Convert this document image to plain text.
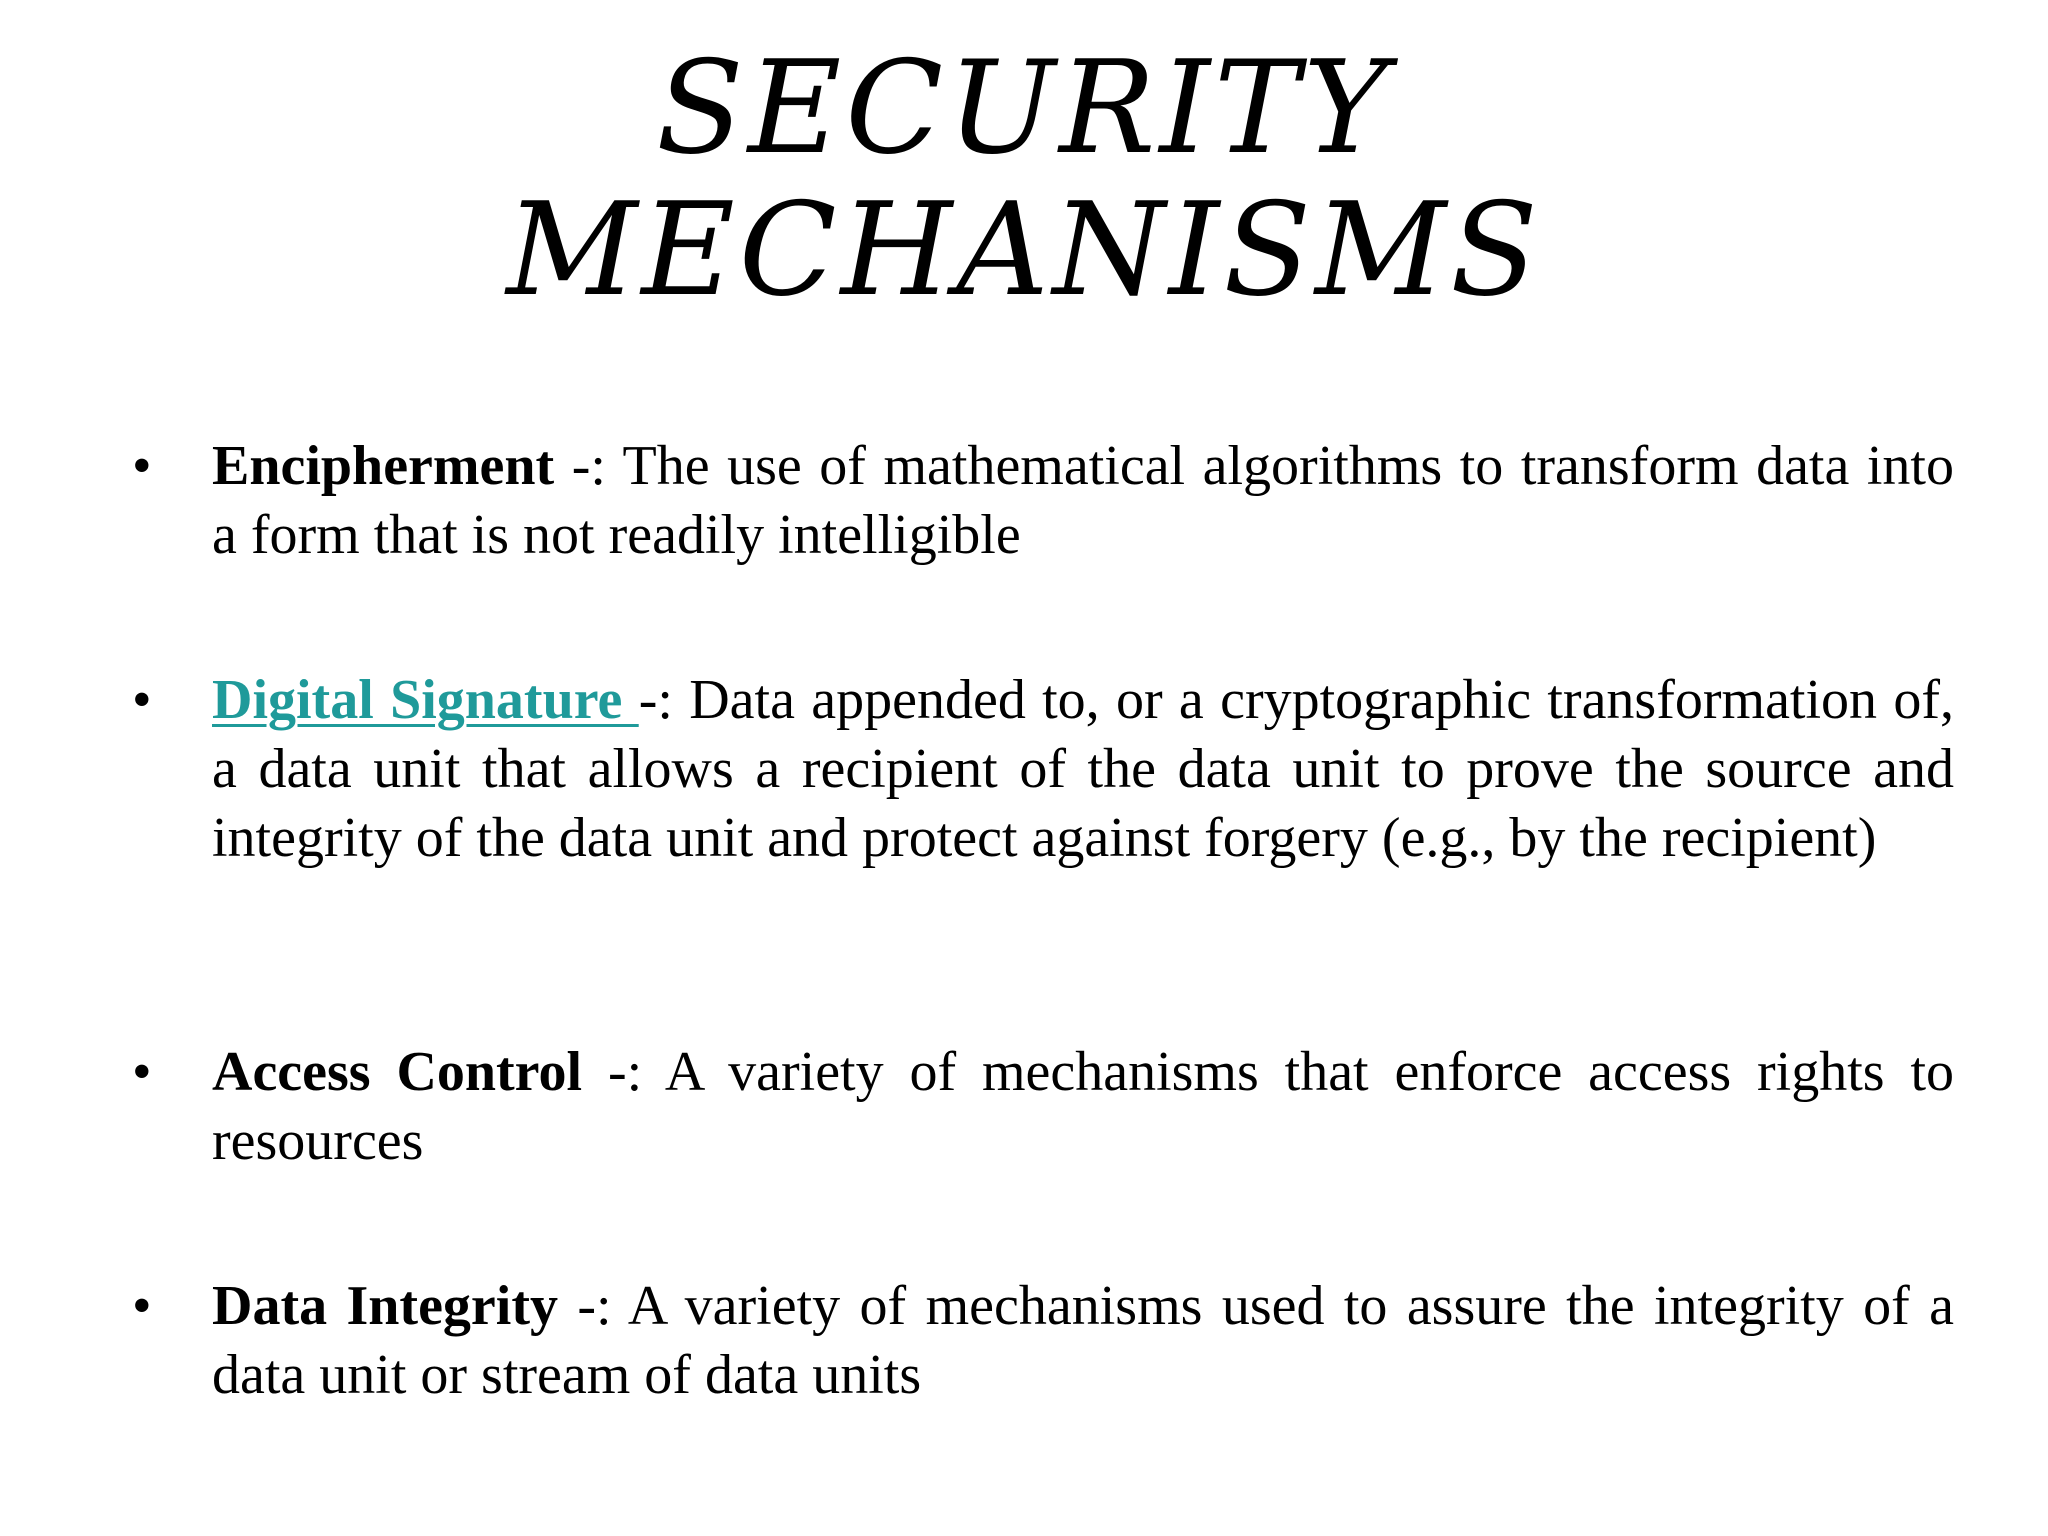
SECURITY
MECHANISMS
•	Encipherment -: The use of mathematical algorithms to transform data into a form that is not readily intelligible
•	Digital Signature -: Data appended to, or a cryptographic transformation of, a data unit that allows a recipient of the data unit to prove the source and integrity of the data unit and protect against forgery (e.g., by the recipient)
•	Access Control -: A variety of mechanisms that enforce access rights to resources
•	Data Integrity -: A variety of mechanisms used to assure the integrity of a data unit or stream of data units
